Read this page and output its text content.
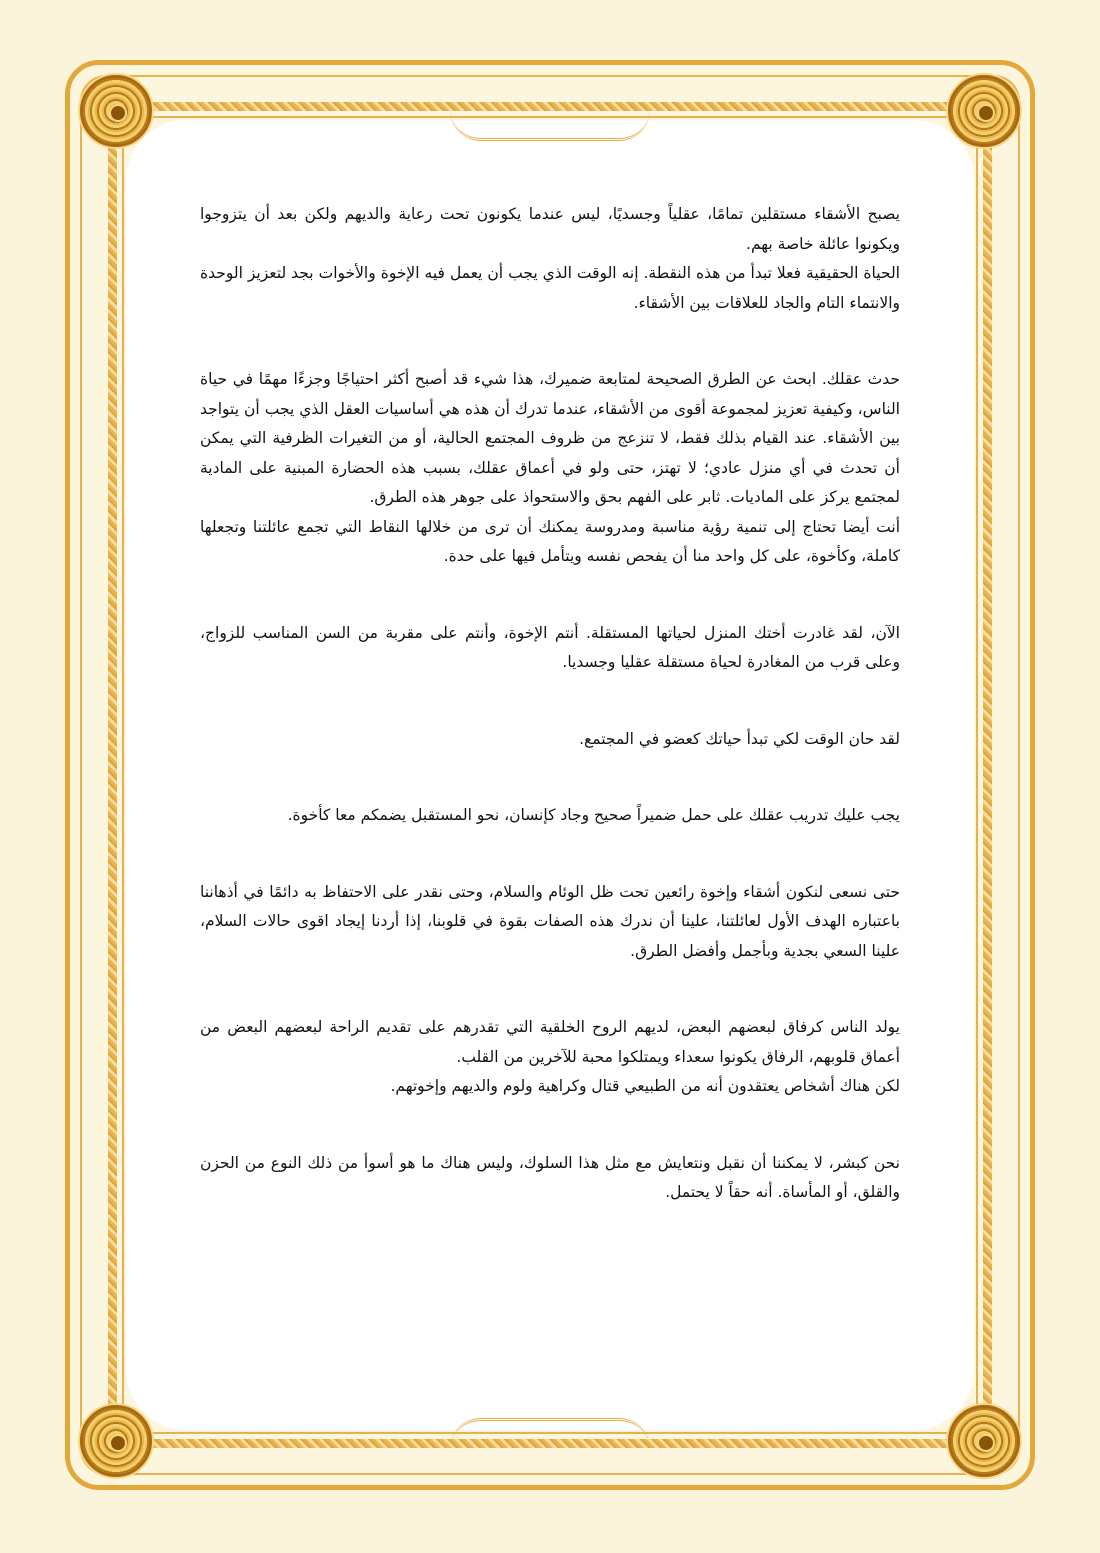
يصبح الأشقاء مستقلين تمامًا، عقلياً وجسديًا، ليس عندما يكونون تحت رعاية والديهم ولكن بعد أن يتزوجوا ويكونوا عائلة خاصة بهم.

الحياة الحقيقية فعلا تبدأ من هذه النقطة. إنه الوقت الذي يجب أن يعمل فيه الإخوة والأخوات بجد لتعزيز الوحدة والانتماء التام والجاد للعلاقات بين الأشقاء.

حدث عقلك. ابحث عن الطرق الصحيحة لمتابعة ضميرك، هذا شيء قد أصبح أكثر احتياجًا وجزءًا مهمًا في حياة الناس، وكيفية تعزيز لمجموعة أقوى من الأشقاء، عندما تدرك أن هذه هي أساسيات العقل الذي يجب أن يتواجد بين الأشقاء. عند القيام بذلك فقط، لا تنزعج من ظروف المجتمع الحالية، أو من التغيرات الظرفية التي يمكن أن تحدث في أي منزل عادي؛ لا تهتز، حتى ولو في أعماق عقلك، بسبب هذه الحضارة المبنية على المادية لمجتمع يركز على الماديات. ثابر على الفهم بحق والاستحواذ على جوهر هذه الطرق.

أنت أيضا تحتاج إلى تنمية رؤية مناسبة ومدروسة يمكنك أن ترى من خلالها النقاط التي تجمع عائلتنا وتجعلها كاملة، وكأخوة، على كل واحد منا أن يفحص نفسه ويتأمل فيها على حدة.

الآن، لقد غادرت أختك المنزل لحياتها المستقلة. أنتم الإخوة، وأنتم على مقربة من السن المناسب للزواج، وعلى قرب من المغادرة لحياة مستقلة عقليا وجسديا.

لقد حان الوقت لكي تبدأ حياتك كعضو في المجتمع.

يجب عليك تدريب عقلك على حمل ضميراً صحيح وجاد كإنسان، نحو المستقبل يضمكم معا كأخوة.

حتى نسعى لنكون أشقاء وإخوة رائعين تحت ظل الوئام والسلام، وحتى نقدر على الاحتفاظ به دائمًا في أذهاننا باعتباره الهدف الأول لعائلتنا، علينا أن ندرك هذه الصفات بقوة في قلوبنا، إذا أردنا إيجاد اقوى حالات السلام، علينا السعي بجدية وبأجمل وأفضل الطرق.

يولد الناس كرفاق لبعضهم البعض، لديهم الروح الخلقية التي تقدرهم على تقديم الراحة لبعضهم البعض من أعماق قلوبهم، الرفاق يكونوا سعداء ويمتلكوا محبة للآخرين من القلب.

لكن هناك أشخاص يعتقدون أنه من الطبيعي قتال وكراهية ولوم والديهم وإخوتهم.

نحن كبشر، لا يمكننا أن نقبل ونتعايش مع مثل هذا السلوك، وليس هناك ما هو أسوأ من ذلك النوع من الحزن والقلق، أو المأساة. أنه حقاً لا يحتمل.
